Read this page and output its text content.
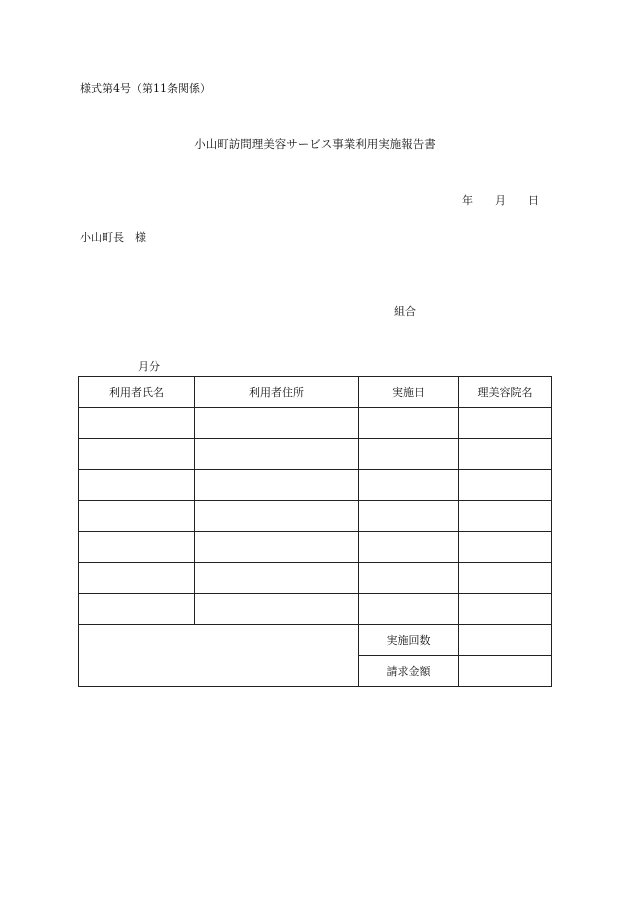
様式第4号（第11条関係）
小山町訪問理美容サービス事業利用実施報告書
年 月 日
小山町長　様
組合
月分
利用者氏名	利用者住所	実施日	理美容院名

		実施回数	
		請求金額	
